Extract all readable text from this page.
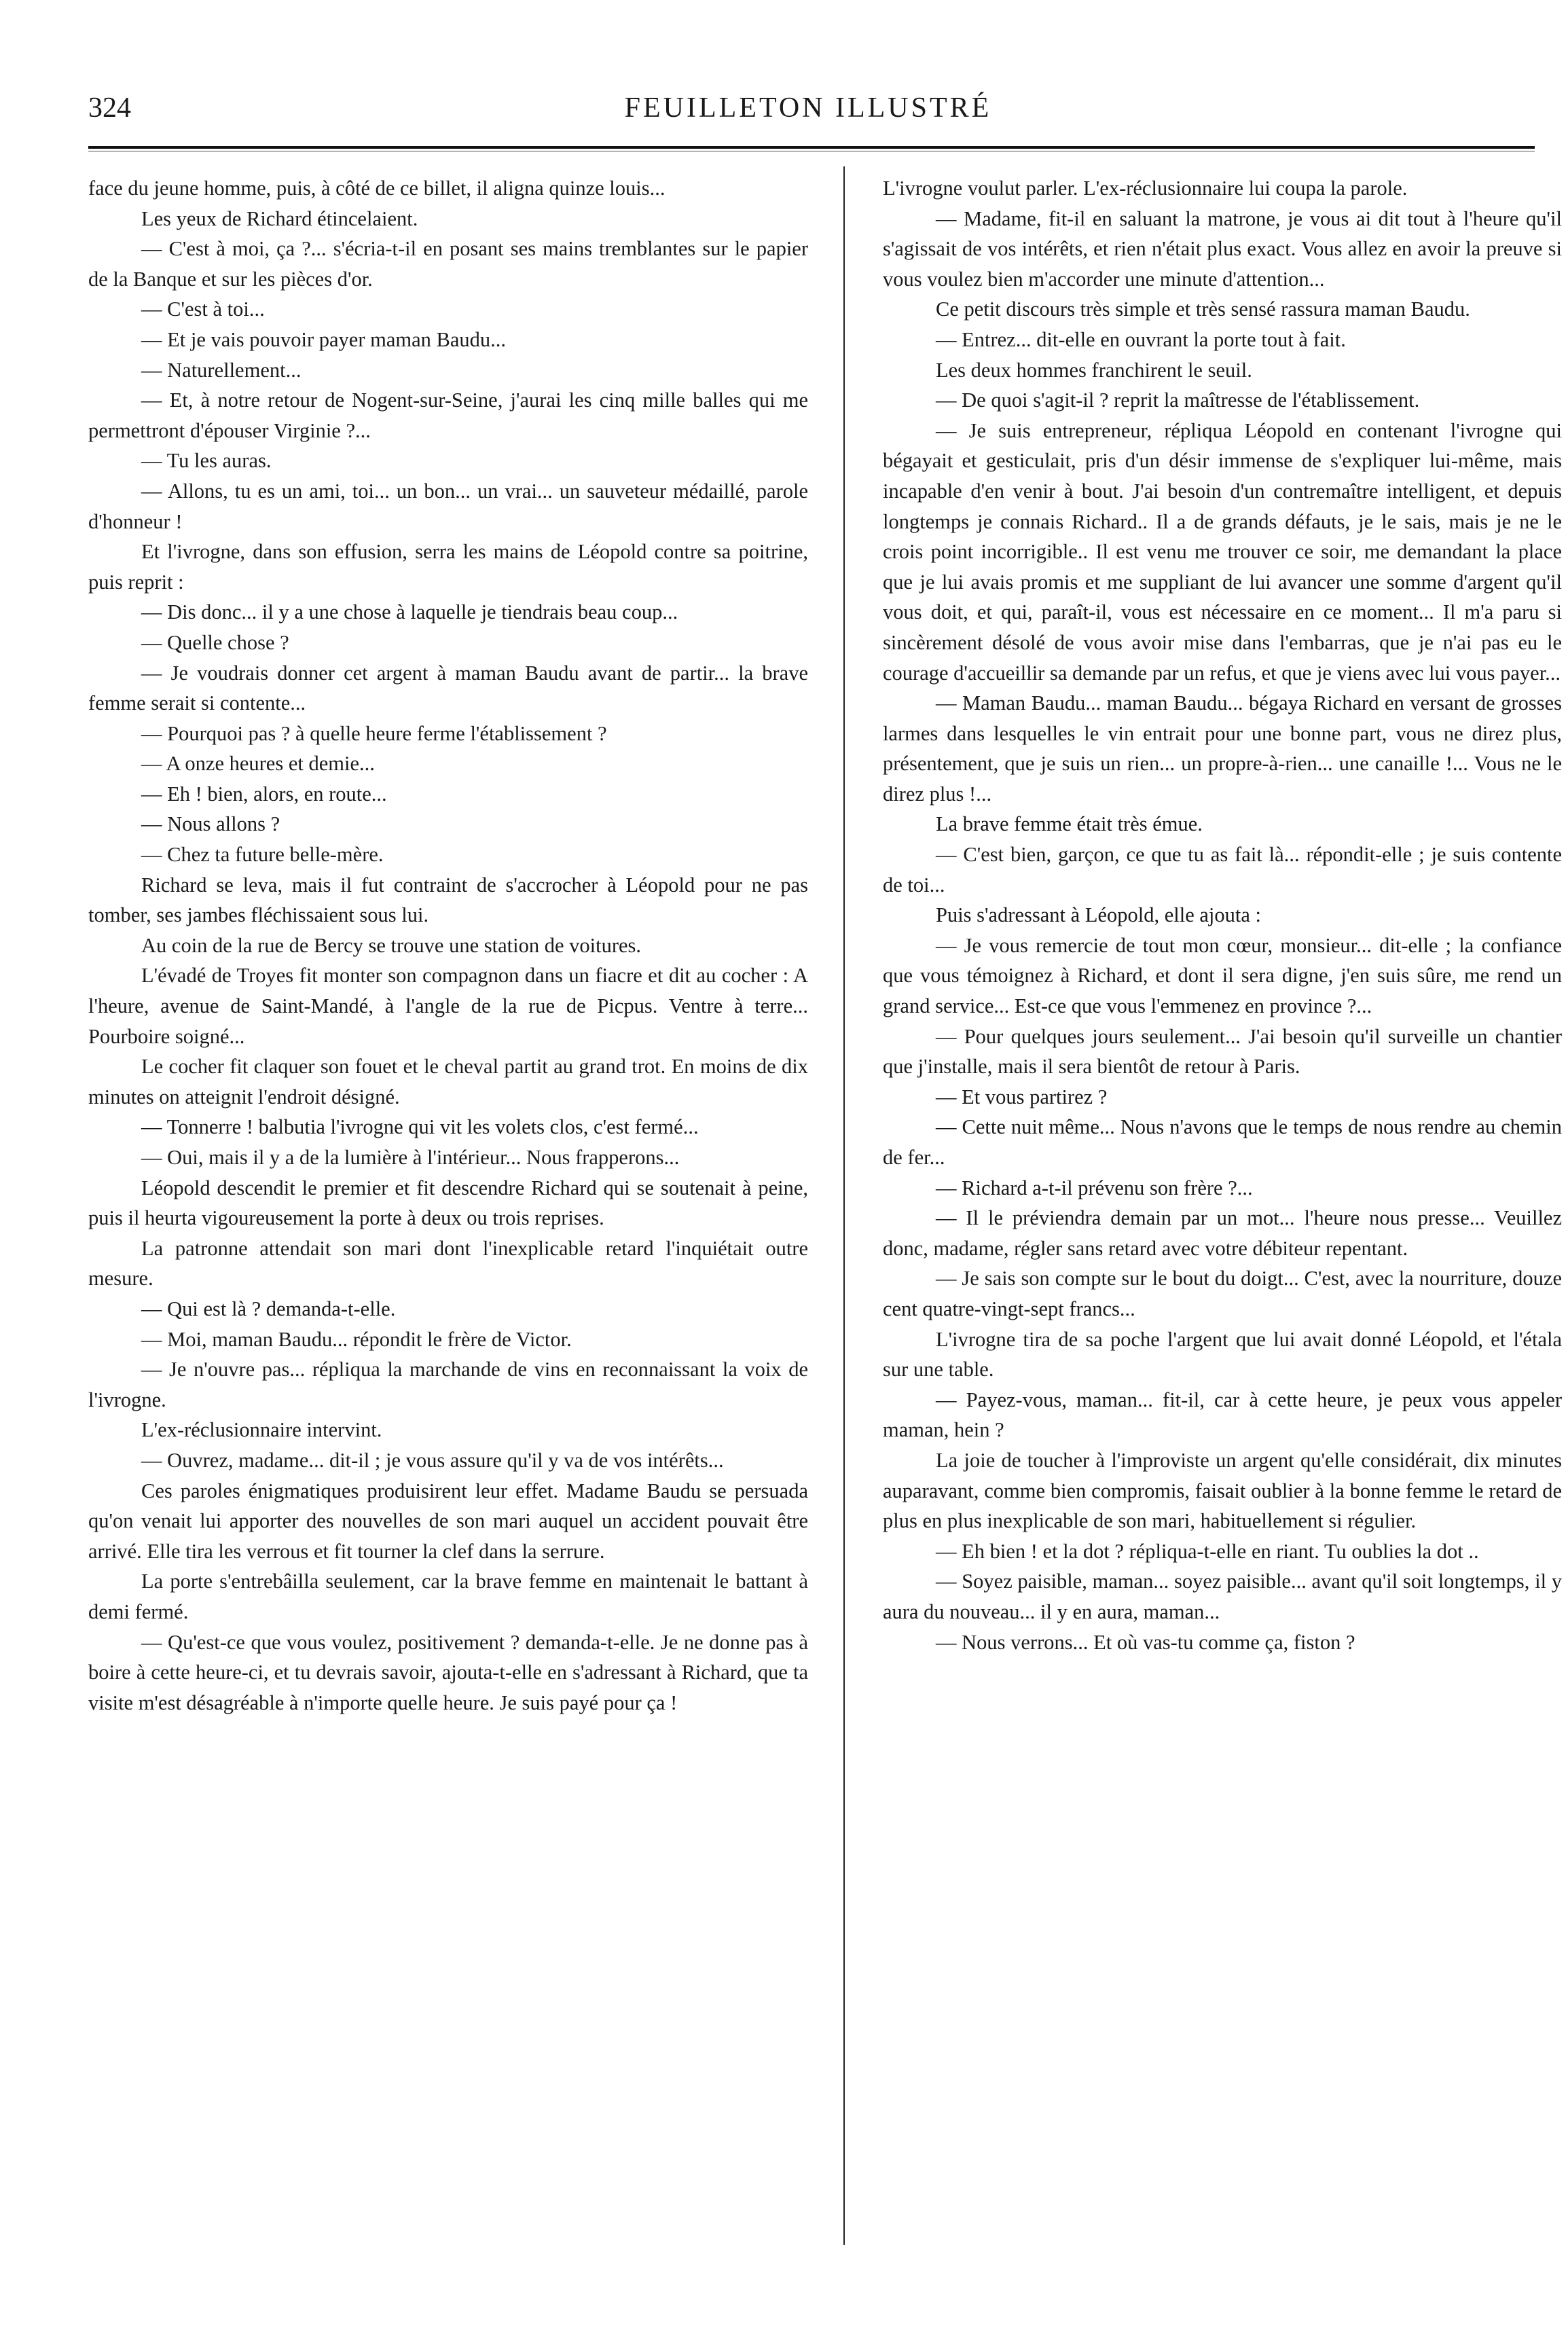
324	FEUILLETON ILLUSTRÉ

face du jeune homme, puis, à côté de ce billet, il aligna quinze louis...

Les yeux de Richard étincelaient.

— C'est à moi, ça ?... s'écria-t-il en posant ses mains tremblantes sur le papier de la Banque et sur les pièces d'or.

— C'est à toi...

— Et je vais pouvoir payer maman Baudu...

— Naturellement...

— Et, à notre retour de Nogent-sur-Seine, j'aurai les cinq mille balles qui me permettront d'épouser Virginie ?...

— Tu les auras.

— Allons, tu es un ami, toi... un bon... un vrai... un sauveteur médaillé, parole d'honneur !

Et l'ivrogne, dans son effusion, serra les mains de Léopold contre sa poitrine, puis reprit :

— Dis donc... il y a une chose à laquelle je tiendrais beau coup...

— Quelle chose ?

— Je voudrais donner cet argent à maman Baudu avant de partir... la brave femme serait si contente...

— Pourquoi pas ? à quelle heure ferme l'établissement ?

— A onze heures et demie...

— Eh ! bien, alors, en route...

— Nous allons ?

— Chez ta future belle-mère.

Richard se leva, mais il fut contraint de s'accrocher à Léopold pour ne pas tomber, ses jambes fléchissaient sous lui.

Au coin de la rue de Bercy se trouve une station de voitures.

L'évadé de Troyes fit monter son compagnon dans un fiacre et dit au cocher : A l'heure, avenue de Saint-Mandé, à l'angle de la rue de Picpus. Ventre à terre... Pourboire soigné...

Le cocher fit claquer son fouet et le cheval partit au grand trot. En moins de dix minutes on atteignit l'endroit désigné.

— Tonnerre ! balbutia l'ivrogne qui vit les volets clos, c'est fermé...

— Oui, mais il y a de la lumière à l'intérieur... Nous frapperons...

Léopold descendit le premier et fit descendre Richard qui se soutenait à peine, puis il heurta vigoureusement la porte à deux ou trois reprises.

La patronne attendait son mari dont l'inexplicable retard l'inquiétait outre mesure.

— Qui est là ? demanda-t-elle.

— Moi, maman Baudu... répondit le frère de Victor.

— Je n'ouvre pas... répliqua la marchande de vins en reconnaissant la voix de l'ivrogne.

L'ex-réclusionnaire intervint.

— Ouvrez, madame... dit-il ; je vous assure qu'il y va de vos intérêts...

Ces paroles énigmatiques produisirent leur effet. Madame Baudu se persuada qu'on venait lui apporter des nouvelles de son mari auquel un accident pouvait être arrivé. Elle tira les verrous et fit tourner la clef dans la serrure.

La porte s'entrebâilla seulement, car la brave femme en maintenait le battant à demi fermé.

— Qu'est-ce que vous voulez, positivement ? demanda-t-elle. Je ne donne pas à boire à cette heure-ci, et tu devrais savoir, ajouta-t-elle en s'adressant à Richard, que ta visite m'est désagréable à n'importe quelle heure. Je suis payé pour ça !

L'ivrogne voulut parler. L'ex-réclusionnaire lui coupa la parole.

— Madame, fit-il en saluant la matrone, je vous ai dit tout à l'heure qu'il s'agissait de vos intérêts, et rien n'était plus exact. Vous allez en avoir la preuve si vous voulez bien m'accorder une minute d'attention...

Ce petit discours très simple et très sensé rassura maman Baudu.

— Entrez... dit-elle en ouvrant la porte tout à fait.

Les deux hommes franchirent le seuil.

— De quoi s'agit-il ? reprit la maîtresse de l'établissement.

— Je suis entrepreneur, répliqua Léopold en contenant l'ivrogne qui bégayait et gesticulait, pris d'un désir immense de s'expliquer lui-même, mais incapable d'en venir à bout. J'ai besoin d'un contremaître intelligent, et depuis longtemps je connais Richard.. Il a de grands défauts, je le sais, mais je ne le crois point incorrigible.. Il est venu me trouver ce soir, me demandant la place que je lui avais promis et me suppliant de lui avancer une somme d'argent qu'il vous doit, et qui, paraît-il, vous est nécessaire en ce moment... Il m'a paru si sincèrement désolé de vous avoir mise dans l'embarras, que je n'ai pas eu le courage d'accueillir sa demande par un refus, et que je viens avec lui vous payer...

— Maman Baudu... maman Baudu... bégaya Richard en versant de grosses larmes dans lesquelles le vin entrait pour une bonne part, vous ne direz plus, présentement, que je suis un rien... un propre-à-rien... une canaille !... Vous ne le direz plus !...

La brave femme était très émue.

— C'est bien, garçon, ce que tu as fait là... répondit-elle ; je suis contente de toi...

Puis s'adressant à Léopold, elle ajouta :

— Je vous remercie de tout mon cœur, monsieur... dit-elle ; la confiance que vous témoignez à Richard, et dont il sera digne, j'en suis sûre, me rend un grand service... Est-ce que vous l'emmenez en province ?...

— Pour quelques jours seulement... J'ai besoin qu'il surveille un chantier que j'installe, mais il sera bientôt de retour à Paris.

— Et vous partirez ?

— Cette nuit même... Nous n'avons que le temps de nous rendre au chemin de fer...

— Richard a-t-il prévenu son frère ?...

— Il le préviendra demain par un mot... l'heure nous presse... Veuillez donc, madame, régler sans retard avec votre débiteur repentant.

— Je sais son compte sur le bout du doigt... C'est, avec la nourriture, douze cent quatre-vingt-sept francs...

L'ivrogne tira de sa poche l'argent que lui avait donné Léopold, et l'étala sur une table.

— Payez-vous, maman... fit-il, car à cette heure, je peux vous appeler maman, hein ?

La joie de toucher à l'improviste un argent qu'elle considérait, dix minutes auparavant, comme bien compromis, faisait oublier à la bonne femme le retard de plus en plus inexplicable de son mari, habituellement si régulier.

— Eh bien ! et la dot ? répliqua-t-elle en riant. Tu oublies la dot ..

— Soyez paisible, maman... soyez paisible... avant qu'il soit longtemps, il y aura du nouveau... il y en aura, maman...

— Nous verrons... Et où vas-tu comme ça, fiston ?
